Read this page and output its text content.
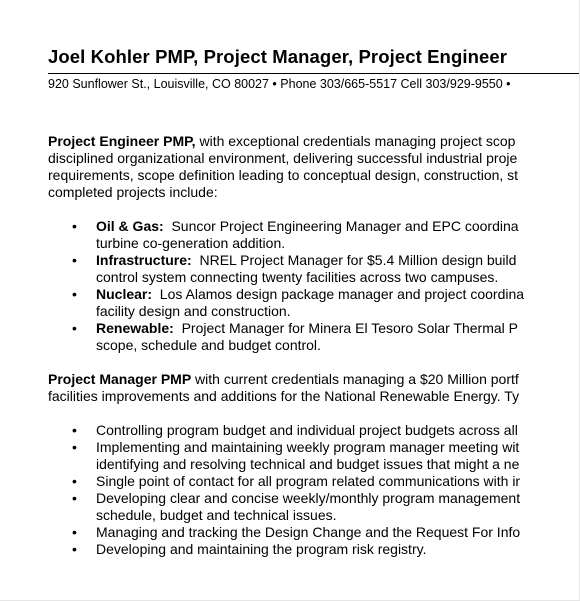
Joel Kohler PMP, Project Manager, Project Engineer
920 Sunflower St., Louisville, CO 80027 • Phone 303/665-5517 Cell 303/929-9550 •
Project Engineer PMP, with exceptional credentials managing project scop
disciplined organizational environment, delivering successful industrial proje
requirements, scope definition leading to conceptual design, construction, st
completed projects include:
•	Oil & Gas:  Suncor Project Engineering Manager and EPC coordina
turbine co-generation addition.
•	Infrastructure:  NREL Project Manager for $5.4 Million design build
control system connecting twenty facilities across two campuses.
•	Nuclear:  Los Alamos design package manager and project coordina
facility design and construction.
•	Renewable:  Project Manager for Minera El Tesoro Solar Thermal P
scope, schedule and budget control.
Project Manager PMP with current credentials managing a $20 Million portf
facilities improvements and additions for the National Renewable Energy. Ty
•	Controlling program budget and individual project budgets across all
•	Implementing and maintaining weekly program manager meeting wit
identifying and resolving technical and budget issues that might a ne
•	Single point of contact for all program related communications with ir
•	Developing clear and concise weekly/monthly program management
schedule, budget and technical issues.
•	Managing and tracking the Design Change and the Request For Info
•	Developing and maintaining the program risk registry.
